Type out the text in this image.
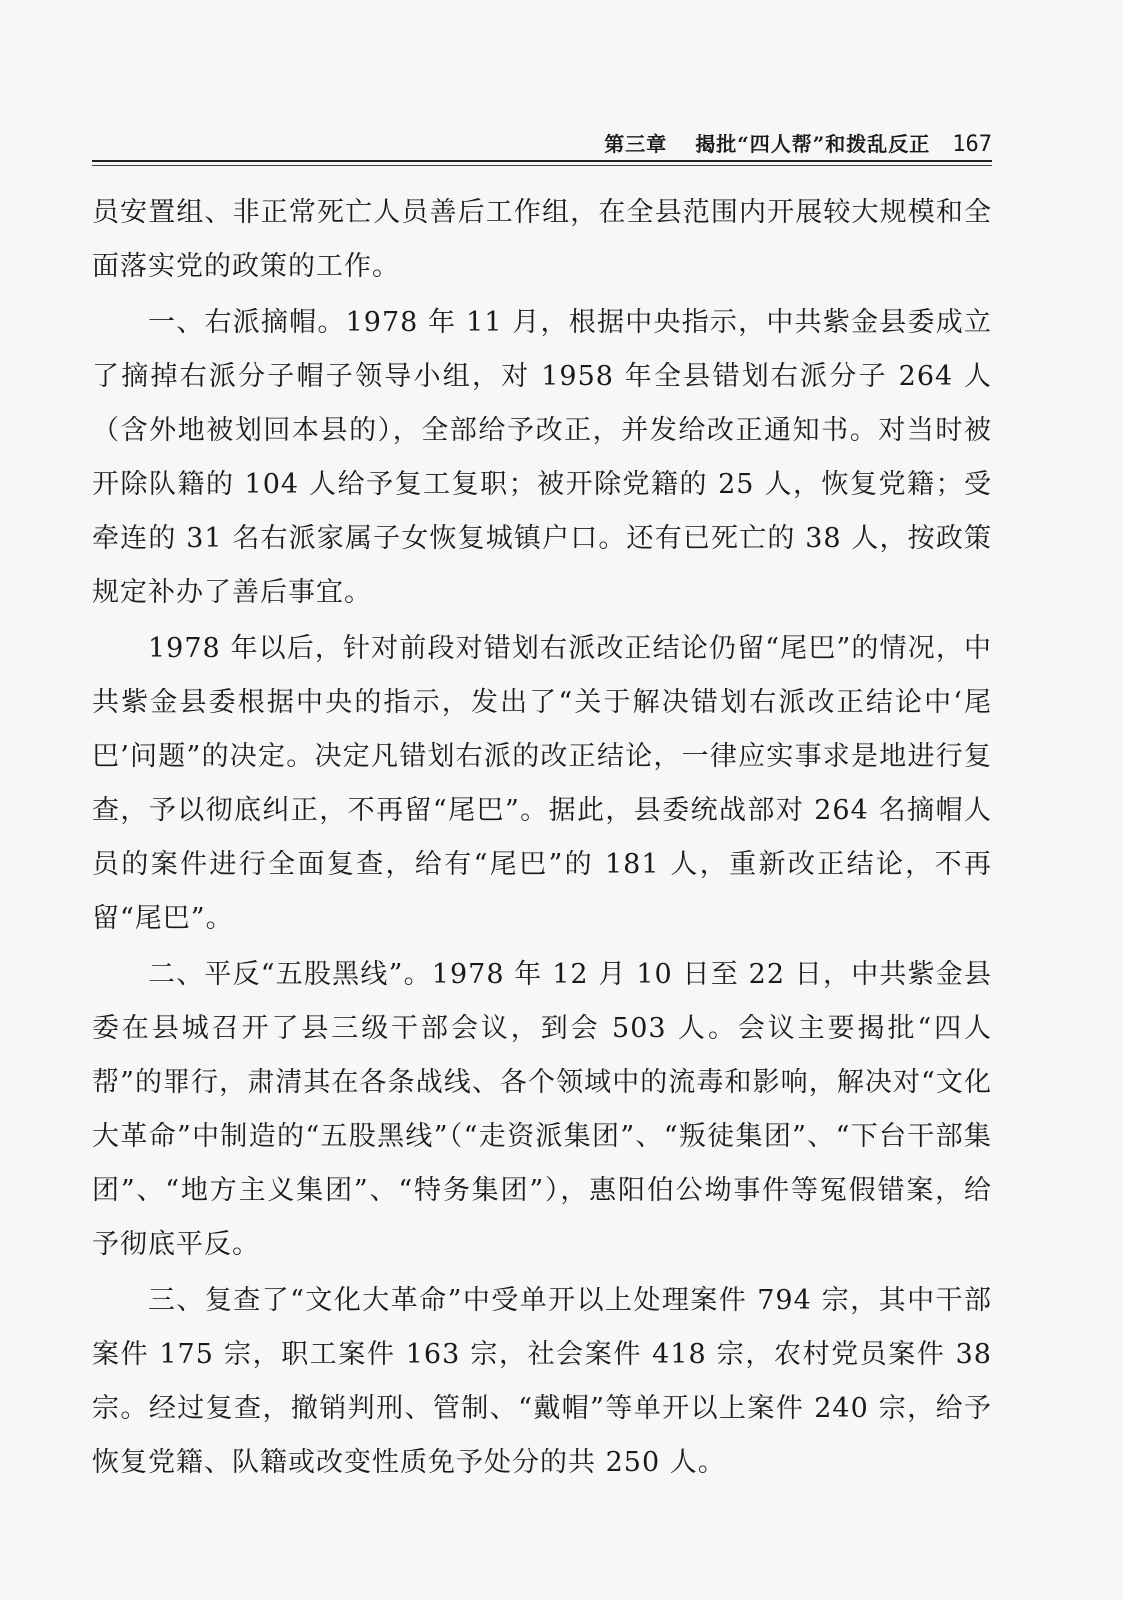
第三章 揭批“四人帮”和拨乱反正 167

员安置组、非正常死亡人员善后工作组，在全县范围内开展较大规模和全面落实党的政策的工作。

一、右派摘帽。1978 年 11 月，根据中央指示，中共紫金县委成立了摘掉右派分子帽子领导小组，对 1958 年全县错划右派分子 264 人（含外地被划回本县的），全部给予改正，并发给改正通知书。对当时被开除队籍的 104 人给予复工复职；被开除党籍的 25 人，恢复党籍；受牵连的 31 名右派家属子女恢复城镇户口。还有已死亡的 38 人，按政策规定补办了善后事宜。

1978 年以后，针对前段对错划右派改正结论仍留“尾巴”的情况，中共紫金县委根据中央的指示，发出了“关于解决错划右派改正结论中‘尾巴’问题”的决定。决定凡错划右派的改正结论，一律应实事求是地进行复查，予以彻底纠正，不再留“尾巴”。据此，县委统战部对 264 名摘帽人员的案件进行全面复查，给有“尾巴”的 181 人，重新改正结论，不再留“尾巴”。

二、平反“五股黑线”。1978 年 12 月 10 日至 22 日，中共紫金县委在县城召开了县三级干部会议，到会 503 人。会议主要揭批“四人帮”的罪行，肃清其在各条战线、各个领域中的流毒和影响，解决对“文化大革命”中制造的“五股黑线”（“走资派集团”、“叛徒集团”、“下台干部集团”、“地方主义集团”、“特务集团”），惠阳伯公坳事件等冤假错案，给予彻底平反。

三、复查了“文化大革命”中受单开以上处理案件 794 宗，其中干部案件 175 宗，职工案件 163 宗，社会案件 418 宗，农村党员案件 38 宗。经过复查，撤销判刑、管制、“戴帽”等单开以上案件 240 宗，给予恢复党籍、队籍或改变性质免予处分的共 250 人。
